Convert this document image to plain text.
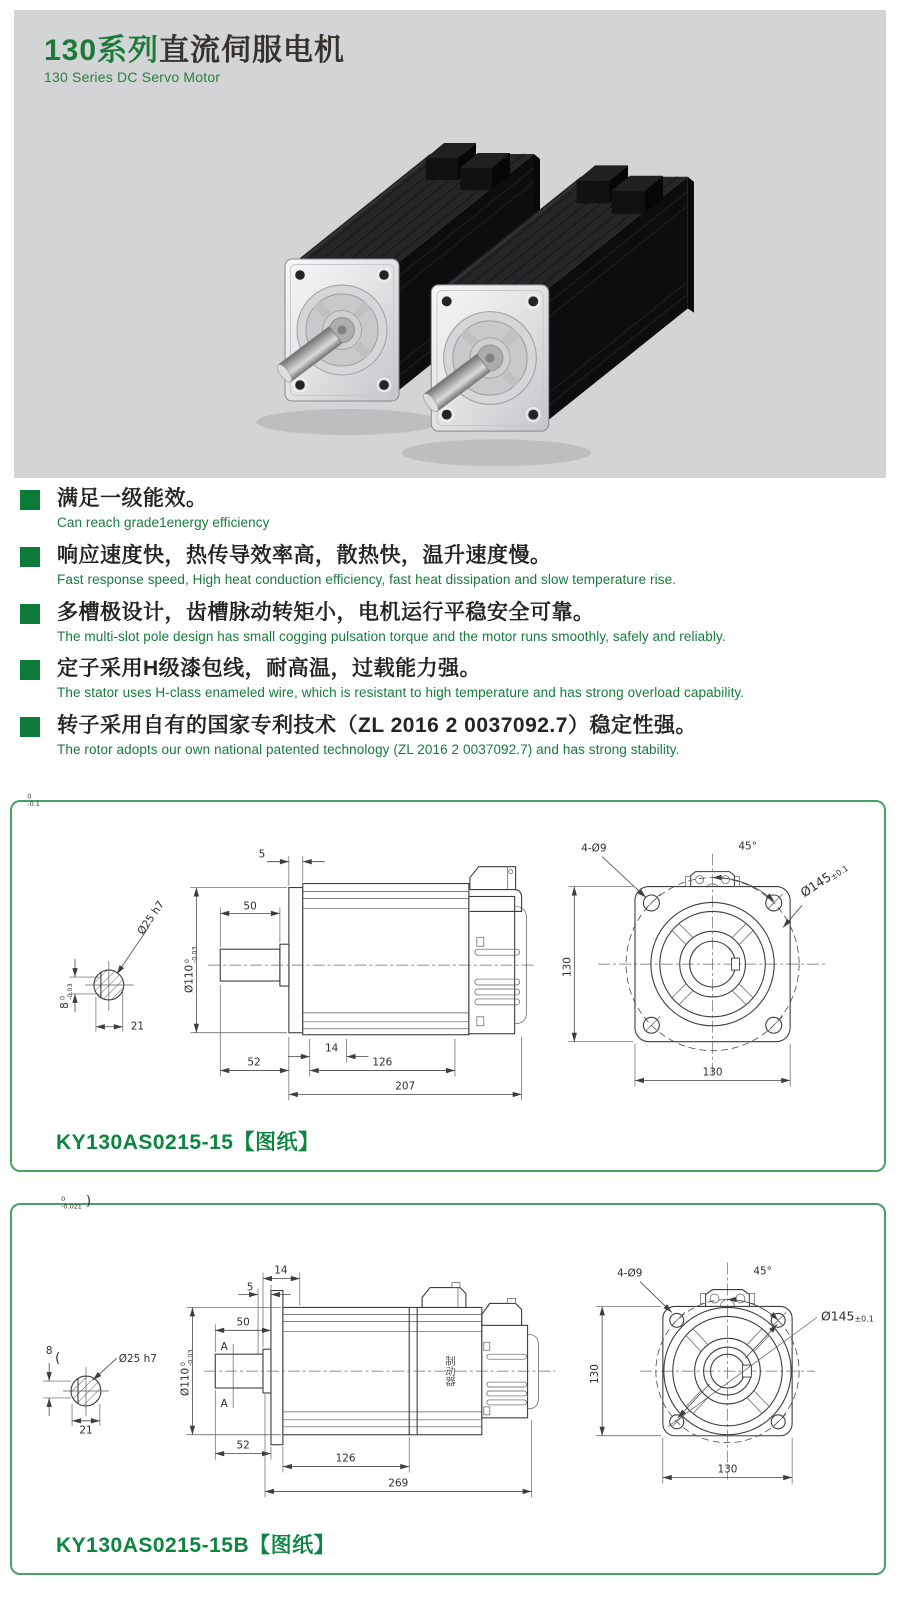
130系列直流伺服电机
130 Series DC Servo Motor
满足一级能效。
Can reach grade1energy efficiency
响应速度快，热传导效率高，散热快，温升速度慢。
Fast response speed, High heat conduction efficiency, fast heat dissipation and slow temperature rise.
多槽极设计，齿槽脉动转矩小，电机运行平稳安全可靠。
The multi-slot pole design has small cogging pulsation torque and the motor runs smoothly, safely and reliably.
定子采用H级漆包线，耐高温，过载能力强。
The stator uses H-class enameled wire, which is resistant to high temperature and has strong overload capability.
转子采用自有的国家专利技术（ZL 2016 2 0037092.7）稳定性强。
The rotor adopts our own national patented technology (ZL 2016 2 0037092.7) and has strong stability.
Ø25 h7
80-0.03
210 -0.1
5
50
Ø1100-0.03
14
52	126
207
130
130
4-Ø9	45°
Ø145±0.1
KY130AS0215-15【图纸】
Ø25 h7(0 -0.021 )
8
21
制动器
A
A
14
5
50
Ø1100-0.03
52
126
269
Ø145±0.1
130
130
4-Ø9	45°
KY130AS0215-15B【图纸】
